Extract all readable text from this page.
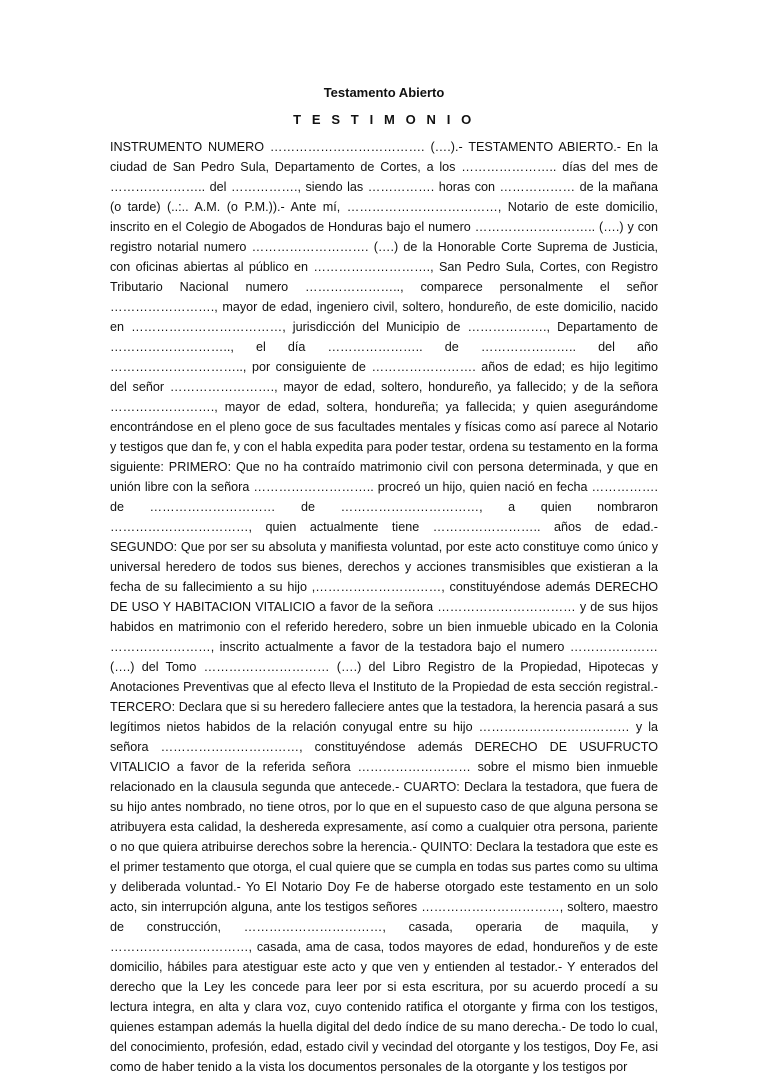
Testamento Abierto
T E S T I M O N I O
INSTRUMENTO NUMERO ………………………………. (….).- TESTAMENTO ABIERTO.- En la ciudad de San Pedro Sula, Departamento de Cortes, a los ………………….. días del mes de ………………….. del ……………., siendo las ……………. horas con ……………… de la mañana (o tarde) (..:.. A.M. (o P.M.)).- Ante mí, ………………………………, Notario de este domicilio, inscrito en el Colegio de Abogados de Honduras bajo el numero ……………………….. (….) y con registro notarial numero ………………………. (….) de la Honorable Corte Suprema de Justicia, con oficinas abiertas al público en ………………………., San Pedro Sula, Cortes, con Registro Tributario Nacional numero ………………….., comparece personalmente el señor ……………………., mayor de edad, ingeniero civil, soltero, hondureño, de este domicilio, nacido en ………………………………, jurisdicción del Municipio de ………………., Departamento de ……………………….., el día ………………….. de ………………….. del año ………………………….., por consiguiente de ……………………. años de edad; es hijo legitimo del señor ……………………., mayor de edad, soltero, hondureño, ya fallecido; y de la señora ……………………., mayor de edad, soltera, hondureña; ya fallecida; y quien asegurándome encontrándose en el pleno goce de sus facultades mentales y físicas como así parece al Notario y testigos que dan fe, y con el habla expedita para poder testar, ordena su testamento en la forma siguiente: PRIMERO: Que no ha contraído matrimonio civil con persona determinada, y que en unión libre con la señora ……………………….. procreó un hijo, quien nació en fecha ……………. de ………………………… de ……………………………, a quien nombraron ……………………………, quien actualmente tiene …………………….. años de edad.- SEGUNDO: Que por ser su absoluta y manifiesta voluntad, por este acto constituye como único y universal heredero de todos sus bienes, derechos y acciones transmisibles que existieran a la fecha de su fallecimiento a su hijo ,…………………………, constituyéndose además DERECHO DE USO Y HABITACION VITALICIO a favor de la señora …………………………… y de sus hijos habidos en matrimonio con el referido heredero, sobre un bien inmueble ubicado en la Colonia ……………………, inscrito actualmente a favor de la testadora bajo el numero ………………… (….) del Tomo ………………………… (….) del Libro Registro de la Propiedad, Hipotecas y Anotaciones Preventivas que al efecto lleva el Instituto de la Propiedad de esta sección registral.- TERCERO: Declara que si su heredero falleciere antes que la testadora, la herencia pasará a sus legítimos nietos habidos de la relación conyugal entre su hijo ……………………………… y la señora ……………………………, constituyéndose además DERECHO DE USUFRUCTO VITALICIO a favor de la referida señora ……………………… sobre el mismo bien inmueble relacionado en la clausula segunda que antecede.- CUARTO: Declara la testadora, que fuera de su hijo antes nombrado, no tiene otros, por lo que en el supuesto caso de que alguna persona se atribuyera esta calidad, la deshereda expresamente, así como a cualquier otra persona, pariente o no que quiera atribuirse derechos sobre la herencia.- QUINTO: Declara la testadora que este es el primer testamento que otorga, el cual quiere que se cumpla en todas sus partes como su ultima y deliberada voluntad.- Yo El Notario Doy Fe de haberse otorgado este testamento en un solo acto, sin interrupción alguna, ante los testigos señores ……………………………, soltero, maestro de construcción, ……………………………, casada, operaria de maquila, y ……………………………, casada, ama de casa, todos mayores de edad, hondureños y de este domicilio, hábiles para atestiguar este acto y que ven y entienden al testador.- Y enterados del derecho que la Ley les concede para leer por si esta escritura, por su acuerdo procedí a su lectura integra, en alta y clara voz, cuyo contenido ratifica el otorgante y firma con los testigos, quienes estampan además la huella digital del dedo índice de su mano derecha.- De todo lo cual, del conocimiento, profesión, edad, estado civil y vecindad del otorgante y los testigos, Doy Fe, asi como de haber tenido a la vista los documentos personales de la otorgante y los testigos por
